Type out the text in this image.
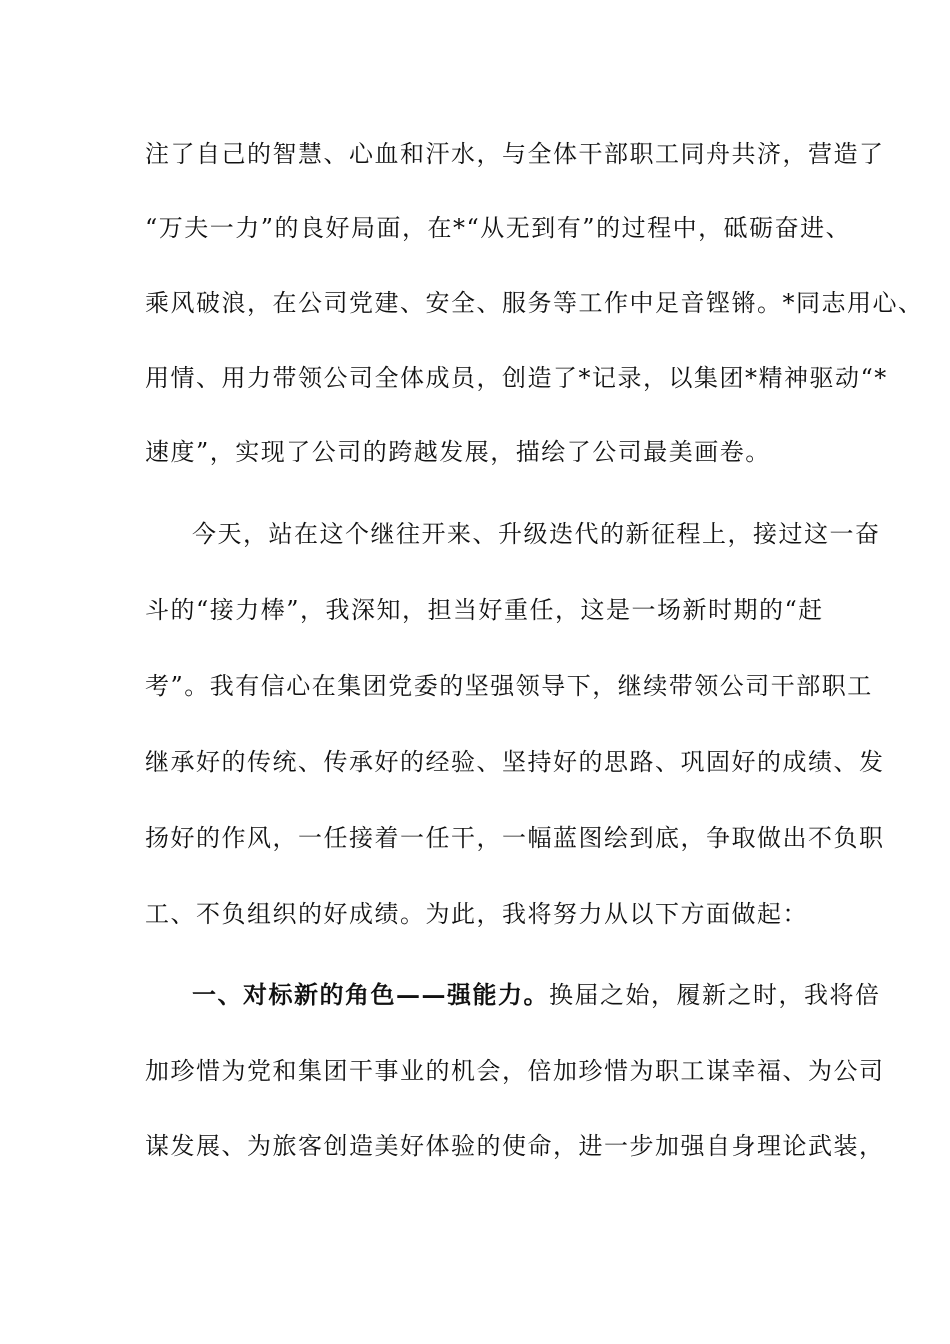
注了自己的智慧、心血和汗水，与全体干部职工同舟共济，营造了
“万夫一力”的良好局面，在*“从无到有”的过程中，砥砺奋进、
乘风破浪，在公司党建、安全、服务等工作中足音铿锵。*同志用心、
用情、用力带领公司全体成员，创造了*记录，以集团*精神驱动“*
速度”，实现了公司的跨越发展，描绘了公司最美画卷。
今天，站在这个继往开来、升级迭代的新征程上，接过这一奋
斗的“接力棒”，我深知，担当好重任，这是一场新时期的“赶
考”。我有信心在集团党委的坚强领导下，继续带领公司干部职工
继承好的传统、传承好的经验、坚持好的思路、巩固好的成绩、发
扬好的作风，一任接着一任干，一幅蓝图绘到底，争取做出不负职
工、不负组织的好成绩。为此，我将努力从以下方面做起：
一、对标新的角色——强能力。换届之始，履新之时，我将倍
加珍惜为党和集团干事业的机会，倍加珍惜为职工谋幸福、为公司
谋发展、为旅客创造美好体验的使命，进一步加强自身理论武装，
